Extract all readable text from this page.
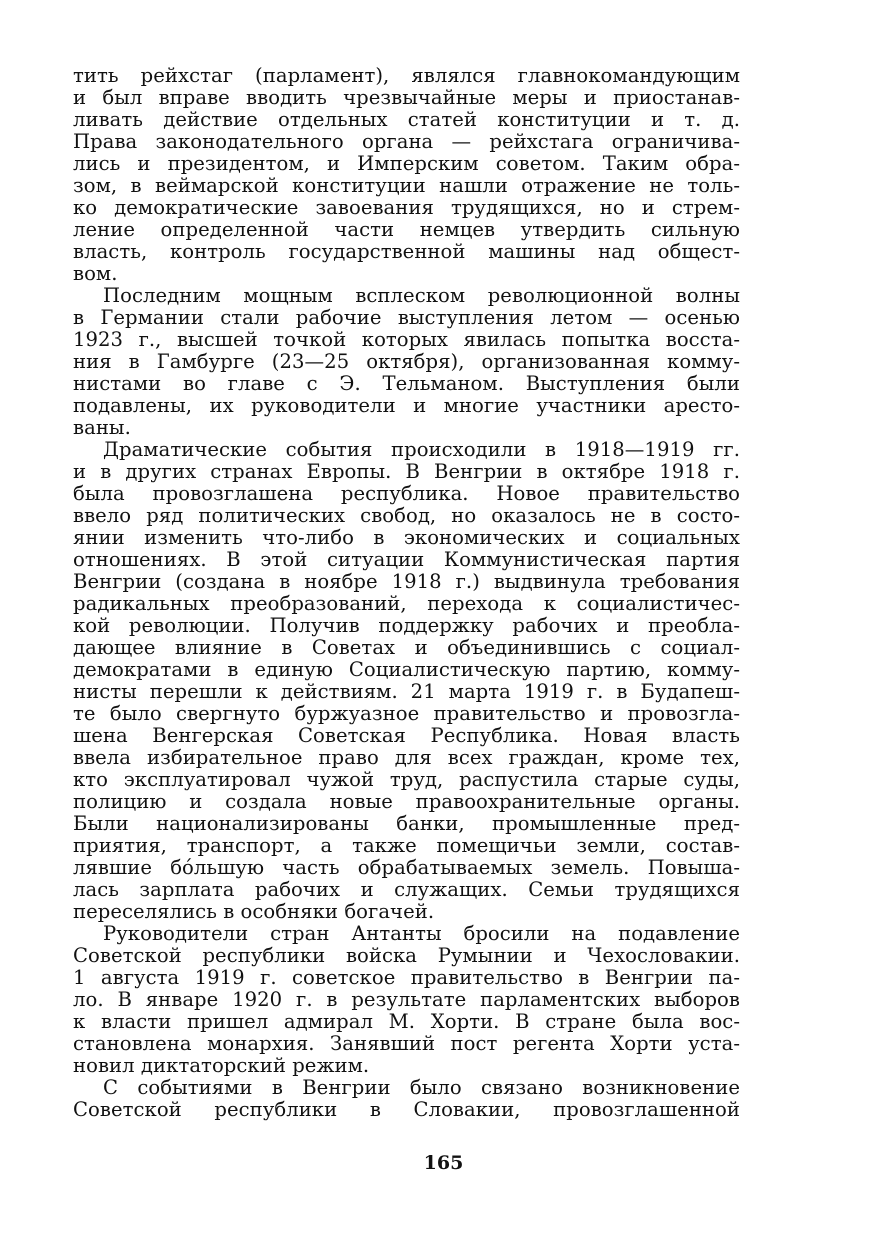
тить рейхстаг (парламент), являлся главнокомандующим
и был вправе вводить чрезвычайные меры и приостанав-
ливать действие отдельных статей конституции и т. д.
Права законодательного органа — рейхстага ограничива-
лись и президентом, и Имперским советом. Таким обра-
зом, в веймарской конституции нашли отражение не толь-
ко демократические завоевания трудящихся, но и стрем-
ление определенной части немцев утвердить сильную
власть, контроль государственной машины над общест-
вом.
Последним мощным всплеском революционной волны
в Германии стали рабочие выступления летом — осенью
1923 г., высшей точкой которых явилась попытка восста-
ния в Гамбурге (23—25 октября), организованная комму-
нистами во главе с Э. Тельманом. Выступления были
подавлены, их руководители и многие участники аресто-
ваны.
Драматические события происходили в 1918—1919 гг.
и в других странах Европы. В Венгрии в октябре 1918 г.
была провозглашена республика. Новое правительство
ввело ряд политических свобод, но оказалось не в состо-
янии изменить что-либо в экономических и социальных
отношениях. В этой ситуации Коммунистическая партия
Венгрии (создана в ноябре 1918 г.) выдвинула требования
радикальных преобразований, перехода к социалистичес-
кой революции. Получив поддержку рабочих и преобла-
дающее влияние в Советах и объединившись с социал-
демократами в единую Социалистическую партию, комму-
нисты перешли к действиям. 21 марта 1919 г. в Будапеш-
те было свергнуто буржуазное правительство и провозгла-
шена Венгерская Советская Республика. Новая власть
ввела избирательное право для всех граждан, кроме тех,
кто эксплуатировал чужой труд, распустила старые суды,
полицию и создала новые правоохранительные органы.
Были национализированы банки, промышленные пред-
приятия, транспорт, а также помещичьи земли, состав-
лявшие бóльшую часть обрабатываемых земель. Повыша-
лась зарплата рабочих и служащих. Семьи трудящихся
переселялись в особняки богачей.
Руководители стран Антанты бросили на подавление
Советской республики войска Румынии и Чехословакии.
1 августа 1919 г. советское правительство в Венгрии па-
ло. В январе 1920 г. в результате парламентских выборов
к власти пришел адмирал М. Хорти. В стране была вос-
становлена монархия. Занявший пост регента Хорти уста-
новил диктаторский режим.
С событиями в Венгрии было связано возникновение
Советской республики в Словакии, провозглашенной
165
